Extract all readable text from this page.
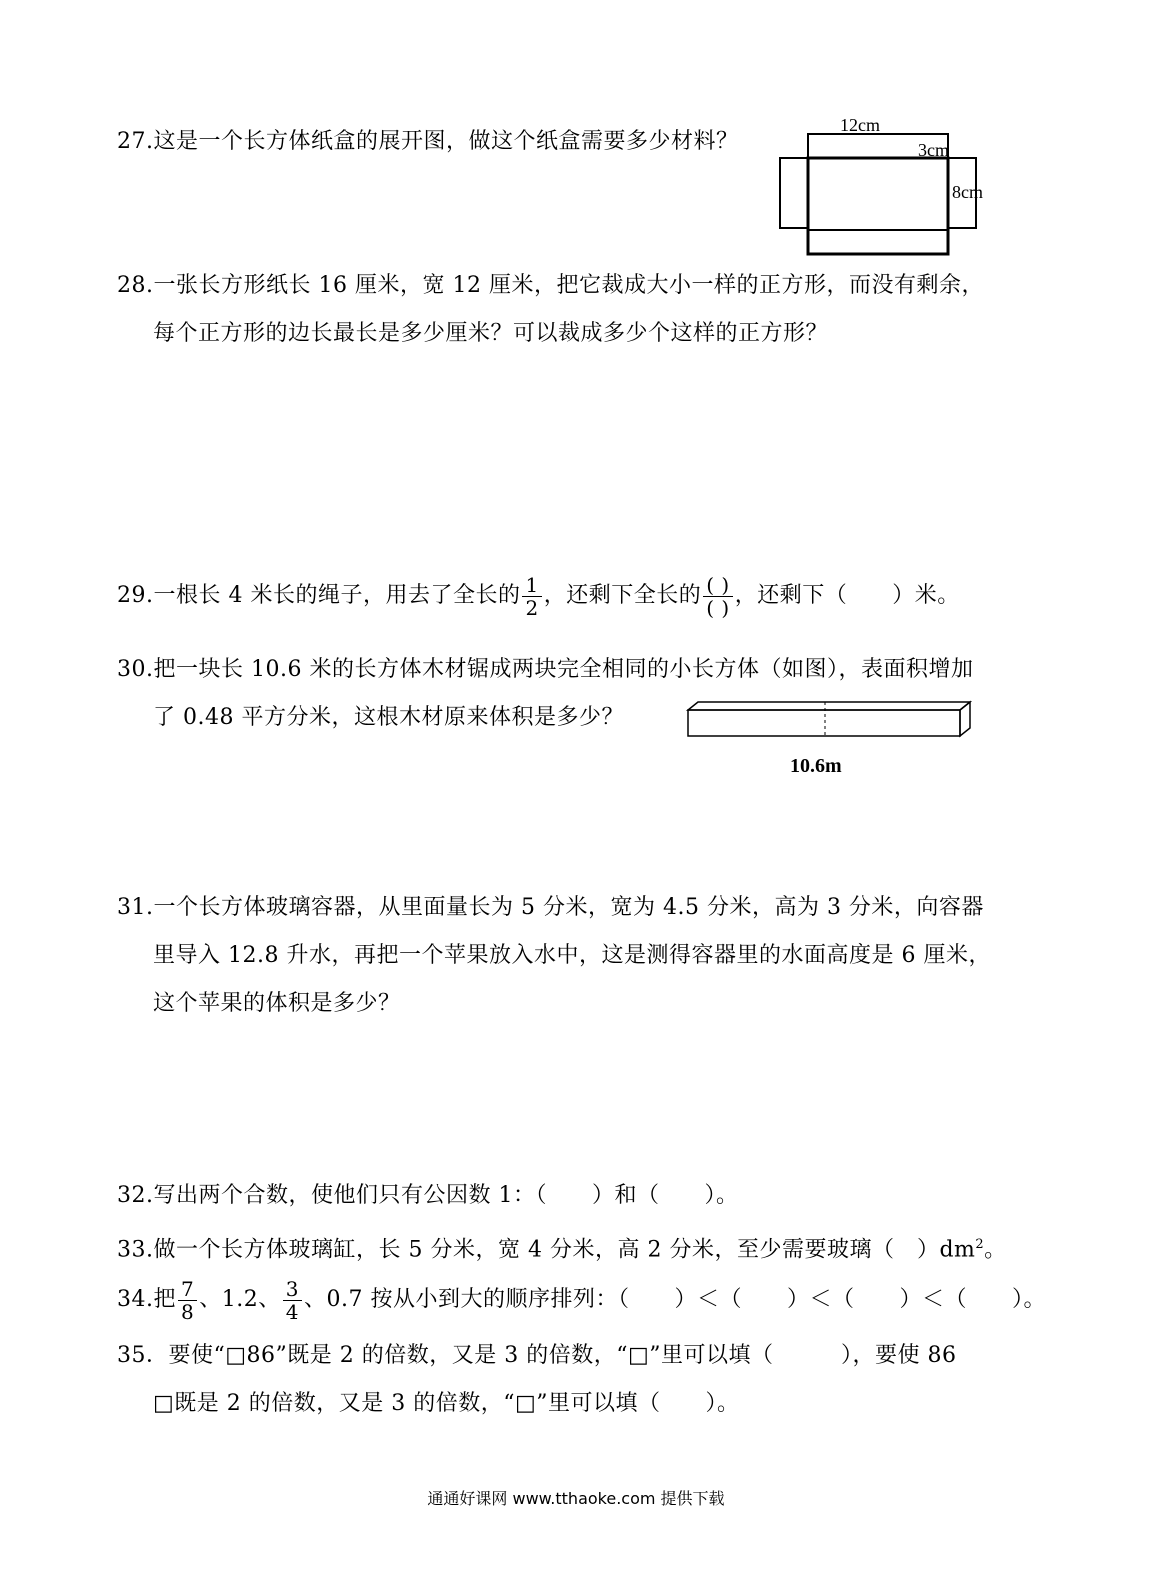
27.这是一个长方体纸盒的展开图，做这个纸盒需要多少材料？
12cm
3cm
8cm
28.一张长方形纸长 16 厘米，宽 12 厘米，把它裁成大小一样的正方形，而没有剩余，
每个正方形的边长最长是多少厘米？可以裁成多少个这样的正方形？
29.一根长 4 米长的绳子，用去了全长的 $\frac{1}{2}$ ，还剩下全长的 $\frac{( )}{( )}$ ，还剩下（　　）米。
30.把一块长 10.6 米的长方体木材锯成两块完全相同的小长方体（如图），表面积增加
了 0.48 平方分米，这根木材原来体积是多少？
10.6m
31.一个长方体玻璃容器，从里面量长为 5 分米，宽为 4.5 分米，高为 3 分米，向容器
里导入 12.8 升水，再把一个苹果放入水中，这是测得容器里的水面高度是 6 厘米，
这个苹果的体积是多少？
32.写出两个合数，使他们只有公因数 1：（　　）和（　　）。
33.做一个长方体玻璃缸，长 5 分米，宽 4 分米，高 2 分米，至少需要玻璃（　）$dm^2$。
34.把 $\frac{7}{8}$ 、1.2、 $\frac{3}{4}$ 、0.7 按从小到大的顺序排列：（　　）＜（　　）＜（　　）＜（　　）。
35．要使“□86”既是 2 的倍数，又是 3 的倍数，“□”里可以填（　　　），要使 86
□既是 2 的倍数，又是 3 的倍数，“□”里可以填（　　）。
通通好课网 www.tthaoke.com 提供下载
